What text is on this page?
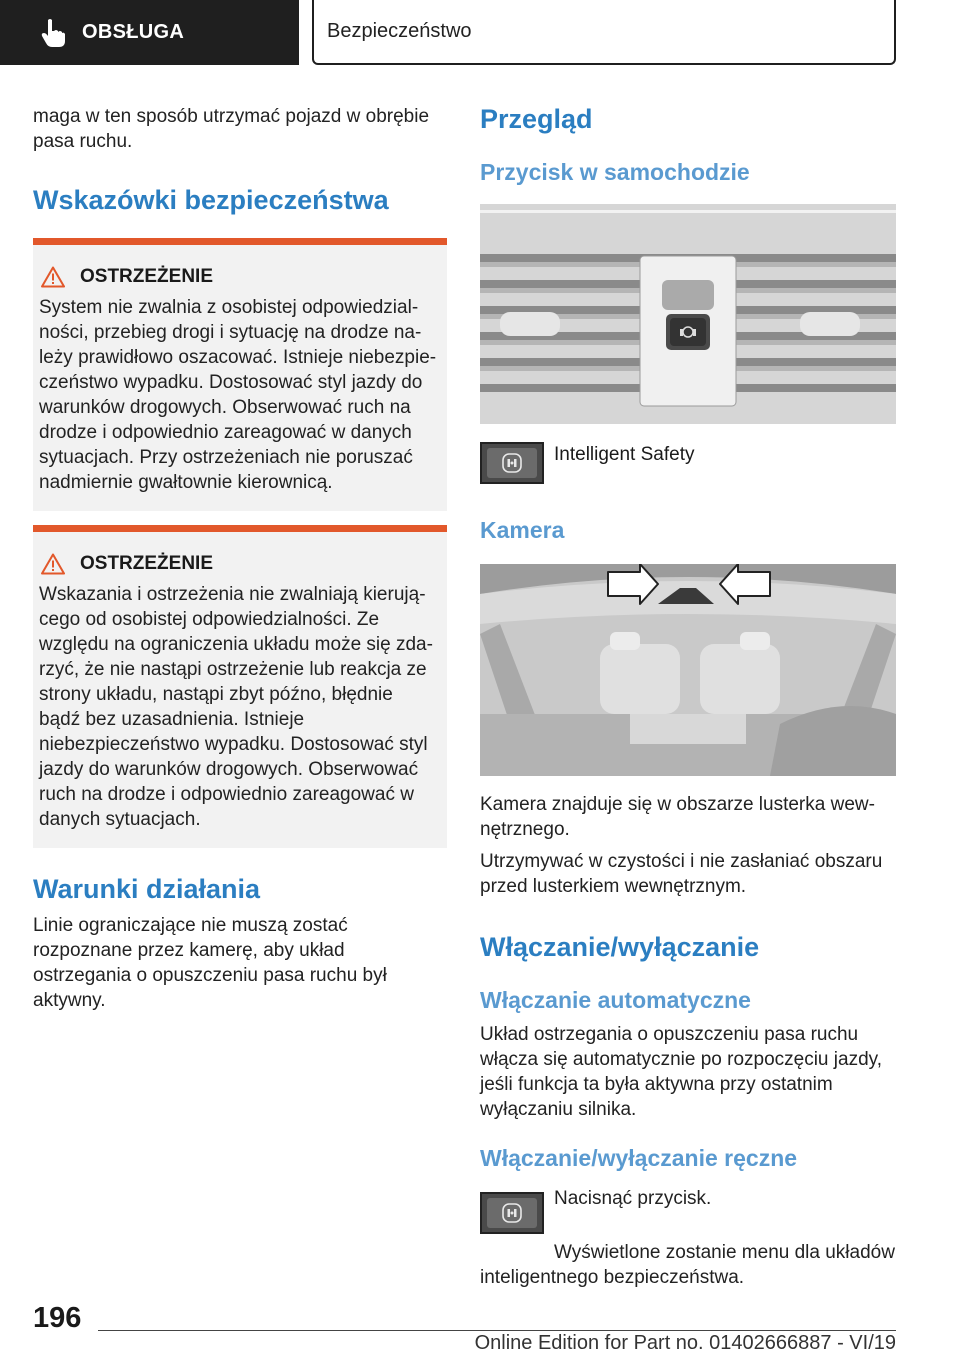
OBSŁUGA	Bezpieczeństwo

maga w ten sposób utrzymać pojazd w obrębie pasa ruchu.

Wskazówki bezpieczeństwa
OSTRZEŻENIE

System nie zwalnia z osobistej odpowiedzialności, przebieg drogi i sytuację na drodze należy prawidłowo oszacować. Istnieje niebezpieczeństwo wypadku. Dostosować styl jazdy do warunków drogowych. Obserwować ruch na drodze i odpowiednio zareagować w danych sytuacjach. Przy ostrzeżeniach nie poruszać nadmiernie gwałtownie kierownicą.

OSTRZEŻENIE

Wskazania i ostrzeżenia nie zwalniają kierującego od osobistej odpowiedzialności. Ze względu na ograniczenia układu może się zdarzyć, że nie nastąpi ostrzeżenie lub reakcja ze strony układu, nastąpi zbyt późno, błędnie bądź bez uzasadnienia. Istnieje niebezpieczeństwo wypadku. Dostosować styl jazdy do warunków drogowych. Obserwować ruch na drodze i odpowiednio zareagować w danych sytuacjach.

Warunki działania

Linie ograniczające nie muszą zostać rozpoznane przez kamerę, aby układ ostrzegania o opuszczeniu pasa ruchu był aktywny.

Przegląd
Przycisk w samochodzie
Intelligent Safety
Kamera

Kamera znajduje się w obszarze lusterka wewnętrznego.

Utrzymywać w czystości i nie zasłaniać obszaru przed lusterkiem wewnętrznym.

Włączanie/wyłączanie
Włączanie automatyczne

Układ ostrzegania o opuszczeniu pasa ruchu włącza się automatycznie po rozpoczęciu jazdy, jeśli funkcja ta była aktywna przy ostatnim wyłączaniu silnika.

Włączanie/wyłączanie ręczne

Nacisnąć przycisk.

Wyświetlone zostanie menu dla układów inteligentnego bezpieczeństwa.

196
Online Edition for Part no. 01402666887 - VI/19
